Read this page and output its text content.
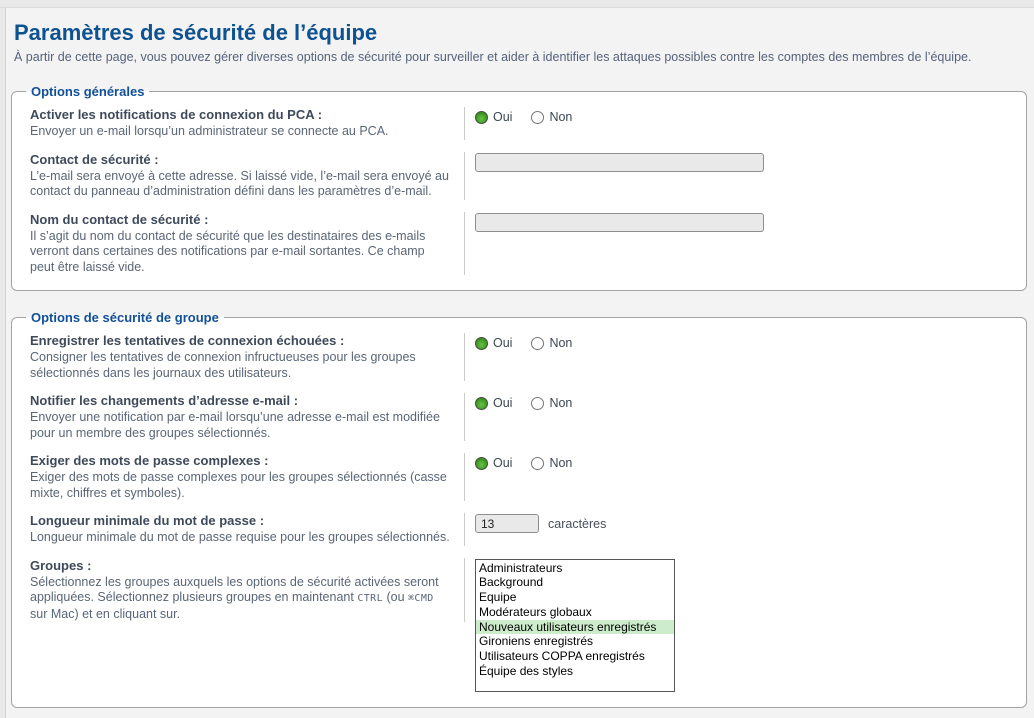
Paramètres de sécurité de l’équipe

À partir de cette page, vous pouvez gérer diverses options de sécurité pour surveiller et aider à identifier les attaques possibles contre les comptes des membres de l’équipe.

Options générales
Activer les notifications de connexion du PCA :
Envoyer un e-mail lorsqu’un administrateur se connecte au PCA.
Oui	Non
Contact de sécurité :
L’e-mail sera envoyé à cette adresse. Si laissé vide, l’e-mail sera envoyé au contact du panneau d’administration défini dans les paramètres d’e-mail.
Nom du contact de sécurité :
Il s’agit du nom du contact de sécurité que les destinataires des e-mails verront dans certaines des notifications par e-mail sortantes. Ce champ peut être laissé vide.
Options de sécurité de groupe
Enregistrer les tentatives de connexion échouées :
Consigner les tentatives de connexion infructueuses pour les groupes sélectionnés dans les journaux des utilisateurs.
Oui	Non
Notifier les changements d’adresse e-mail :
Envoyer une notification par e-mail lorsqu’une adresse e-mail est modifiée pour un membre des groupes sélectionnés.
Oui	Non
Exiger des mots de passe complexes :
Exiger des mots de passe complexes pour les groupes sélectionnés (casse mixte, chiffres et symboles).
Oui	Non
Longueur minimale du mot de passe :
Longueur minimale du mot de passe requise pour les groupes sélectionnés.
13
caractères
Groupes :
Sélectionnez les groupes auxquels les options de sécurité activées seront appliquées. Sélectionnez plusieurs groupes en maintenant CTRL (ou ⌘CMD sur Mac) et en cliquant sur.
Administrateurs
Background
Equipe
Modérateurs globaux
Nouveaux utilisateurs enregistrés
Gironiens enregistrés
Utilisateurs COPPA enregistrés
Équipe des styles
